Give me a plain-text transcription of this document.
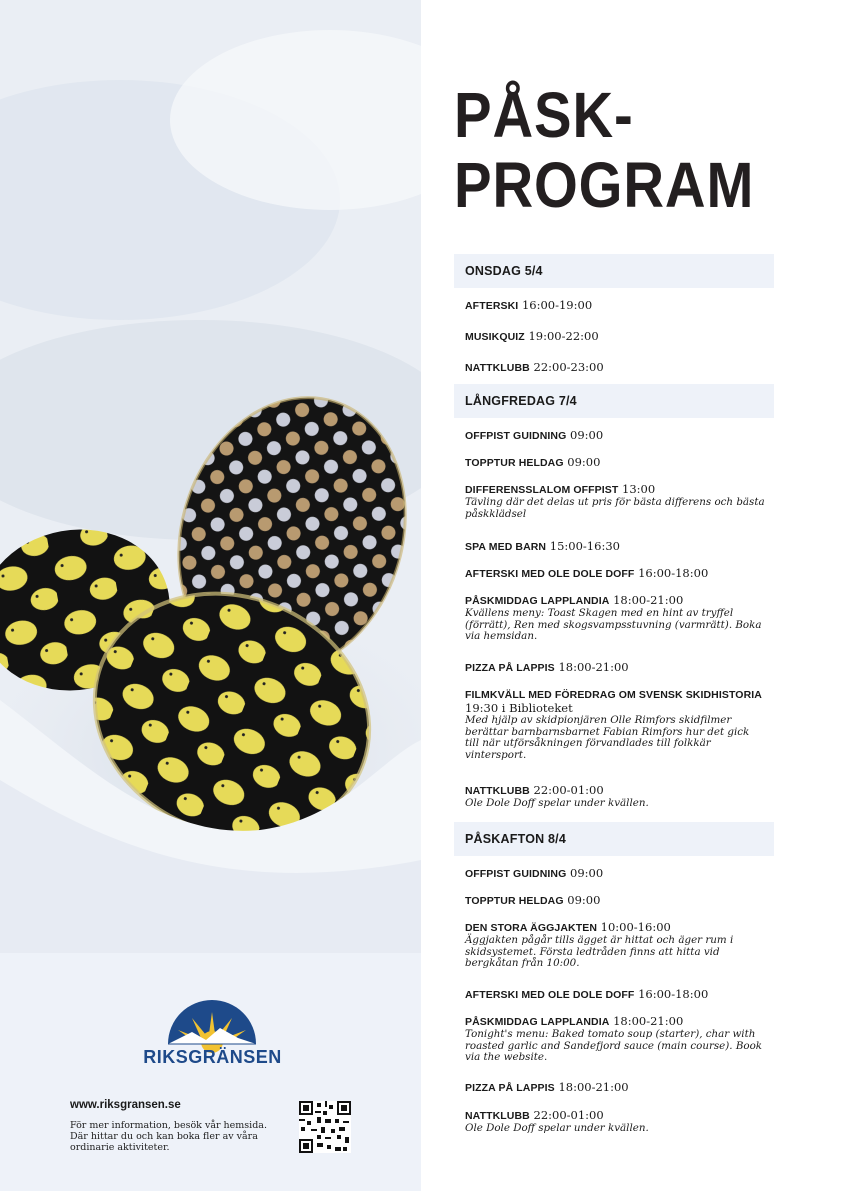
RIKSGRÄNSEN
www.riksgransen.se
För mer information, besök vår hemsida. Där hittar du och kan boka fler av våra ordinarie aktiviteter.
PÅSK-
PROGRAM
ONSDAG 5/4
AFTERSKI 16:00-19:00
MUSIKQUIZ 19:00-22:00
NATTKLUBB 22:00-23:00
LÅNGFREDAG 7/4
OFFPIST GUIDNING 09:00
TOPPTUR HELDAG 09:00
DIFFERENSSLALOM OFFPIST 13:00
Tävling där det delas ut pris för bästa differens och bästa påskklädsel
SPA MED BARN 15:00-16:30
AFTERSKI MED OLE DOLE DOFF 16:00-18:00
PÅSKMIDDAG LAPPLANDIA 18:00-21:00
Kvällens meny: Toast Skagen med en hint av tryffel (förrätt), Ren med skogsvampsstuvning (varmrätt). Boka via hemsidan.
PIZZA PÅ LAPPIS 18:00-21:00
FILMKVÄLL MED FÖREDRAG OM SVENSK SKIDHISTORIA
19:30 i Biblioteket
Med hjälp av skidpionjären Olle Rimfors skidfilmer berättar barnbarnsbarnet Fabian Rimfors hur det gick till när utförsåkningen förvandlades till folkkär vintersport.
NATTKLUBB 22:00-01:00
Ole Dole Doff spelar under kvällen.
PÅSKAFTON 8/4
OFFPIST GUIDNING 09:00
TOPPTUR HELDAG 09:00
DEN STORA ÄGGJAKTEN 10:00-16:00
Äggjakten pågår tills ägget är hittat och äger rum i skidsystemet. Första ledtråden finns att hitta vid bergkåtan från 10:00.
AFTERSKI MED OLE DOLE DOFF 16:00-18:00
PÅSKMIDDAG LAPPLANDIA 18:00-21:00
Tonight's menu: Baked tomato soup (starter), char with roasted garlic and Sandefjord sauce (main course). Book via the website.
PIZZA PÅ LAPPIS 18:00-21:00
NATTKLUBB 22:00-01:00
Ole Dole Doff spelar under kvällen.
